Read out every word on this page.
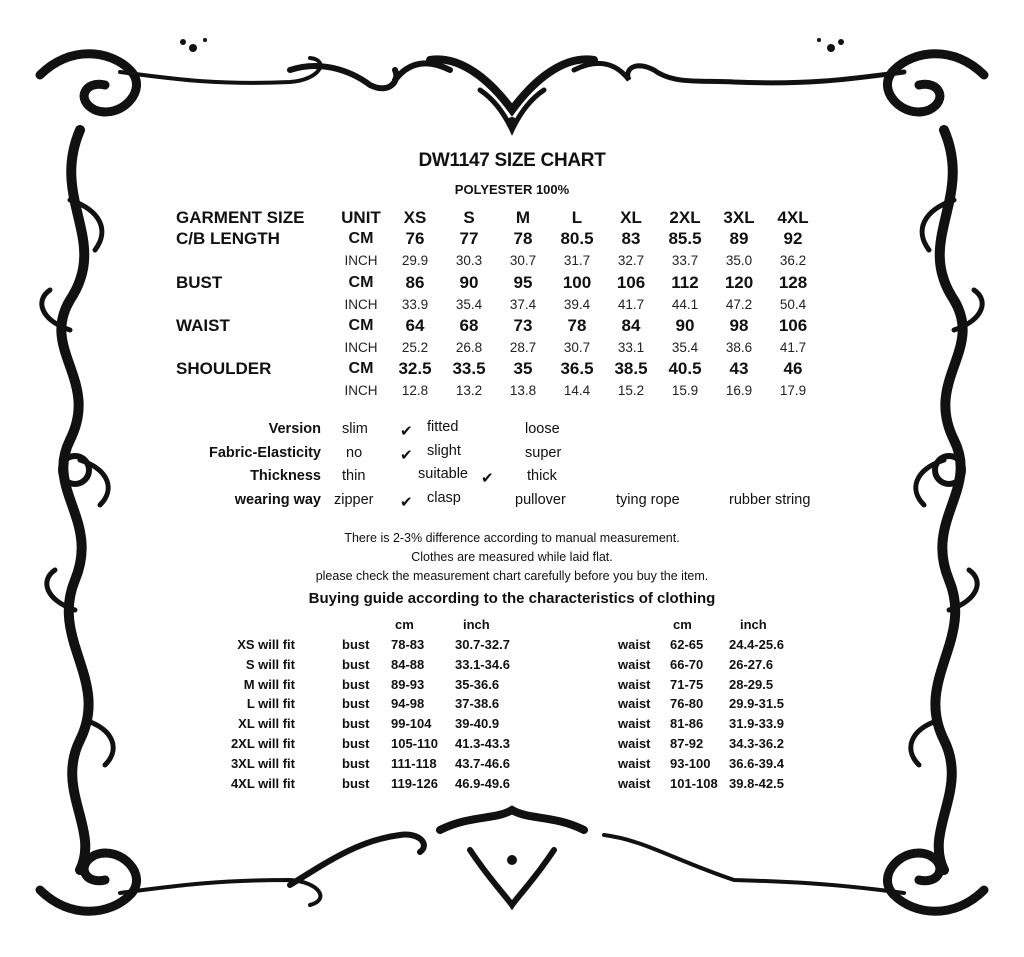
DW1147 SIZE CHART
POLYESTER 100%
GARMENT SIZE	UNIT	XS	S	M	L	XL	2XL	3XL	4XL
C/B LENGTH	CM	76	77	78	80.5	83	85.5	89	92
	INCH	29.9	30.3	30.7	31.7	32.7	33.7	35.0	36.2
BUST	CM	86	90	95	100	106	112	120	128
	INCH	33.9	35.4	37.4	39.4	41.7	44.1	47.2	50.4
WAIST	CM	64	68	73	78	84	90	98	106
	INCH	25.2	26.8	28.7	30.7	33.1	35.4	38.6	41.7
SHOULDER	CM	32.5	33.5	35	36.5	38.5	40.5	43	46
	INCH	12.8	13.2	13.8	14.4	15.2	15.9	16.9	17.9
Version slim	fitted	loose
✔
Fabric-Elasticity no	slight	super
✔
Thickness thin	suitable	thick
✔
wearing way zipper	clasp	pullover	tying rope	rubber string
✔
There is 2-3% difference according to manual measurement.
Clothes are measured while laid flat.
please check the measurement chart carefully before you buy the item.
Buying guide according to the characteristics of clothing
cm	inch	cm	inch
XS will fit	bust 78-83 30.7-32.7	waist 62-65 24.4-25.6
S will fit	bust 84-88 33.1-34.6	waist 66-70 26-27.6
M will fit	bust 89-93 35-36.6	waist 71-75 28-29.5
L will fit	bust 94-98 37-38.6	waist 76-80 29.9-31.5
XL will fit	bust 99-104 39-40.9	waist 81-86 31.9-33.9
2XL will fit	bust 105-110 41.3-43.3	waist 87-92 34.3-36.2
3XL will fit	bust 111-118 43.7-46.6	waist 93-100 36.6-39.4
4XL will fit	bust 119-126 46.9-49.6	waist 101-108 39.8-42.5
